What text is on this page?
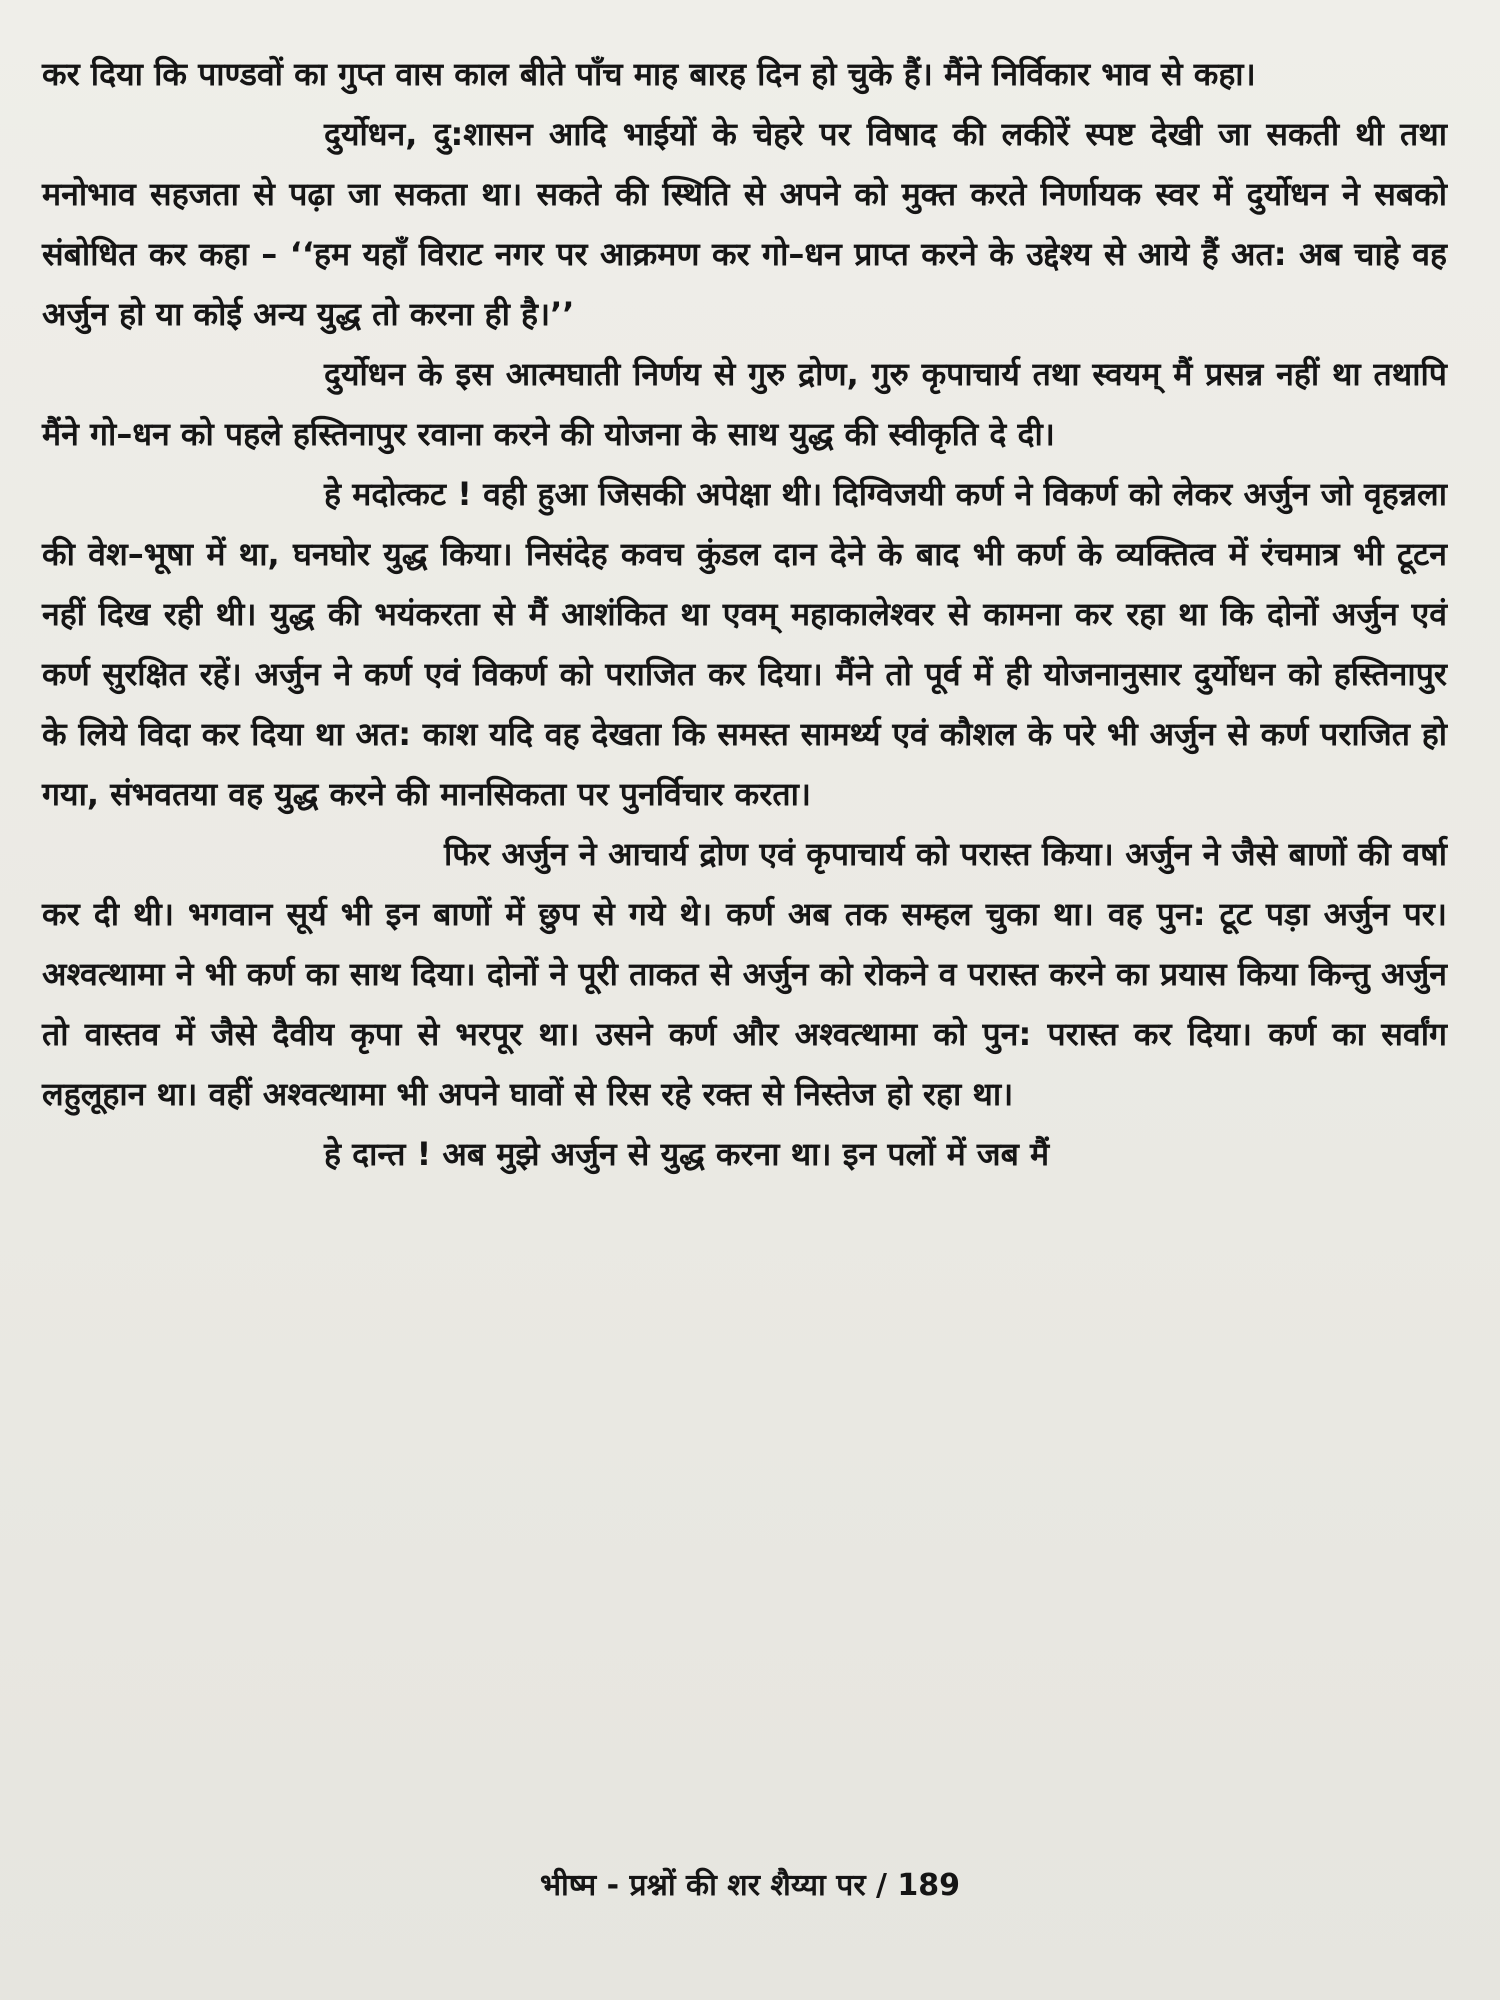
कर दिया कि पाण्डवों का गुप्त वास काल बीते पाँच माह बारह दिन हो चुके हैं। मैंने निर्विकार भाव से कहा।

दुर्योधन, दु:शासन आदि भाईयों के चेहरे पर विषाद की लकीरें स्पष्ट देखी जा सकती थी तथा मनोभाव सहजता से पढ़ा जा सकता था। सकते की स्थिति से अपने को मुक्त करते निर्णायक स्वर में दुर्योधन ने सबको संबोधित कर कहा – ‘‘हम यहाँ विराट नगर पर आक्रमण कर गो–धन प्राप्त करने के उद्देश्य से आये हैं अत: अब चाहे वह अर्जुन हो या कोई अन्य युद्ध तो करना ही है।’’

दुर्योधन के इस आत्मघाती निर्णय से गुरु द्रोण, गुरु कृपाचार्य तथा स्वयम् मैं प्रसन्न नहीं था तथापि मैंने गो–धन को पहले हस्तिनापुर रवाना करने की योजना के साथ युद्ध की स्वीकृति दे दी।

हे मदोत्कट ! वही हुआ जिसकी अपेक्षा थी। दिग्विजयी कर्ण ने विकर्ण को लेकर अर्जुन जो वृहन्नला की वेश–भूषा में था, घनघोर युद्ध किया। निसंदेह कवच कुंडल दान देने के बाद भी कर्ण के व्यक्तित्व में रंचमात्र भी टूटन नहीं दिख रही थी। युद्ध की भयंकरता से मैं आशंकित था एवम् महाकालेश्वर से कामना कर रहा था कि दोनों अर्जुन एवं कर्ण सुरक्षित रहें। अर्जुन ने कर्ण एवं विकर्ण को पराजित कर दिया। मैंने तो पूर्व में ही योजनानुसार दुर्योधन को हस्तिनापुर के लिये विदा कर दिया था अत: काश यदि वह देखता कि समस्त सामर्थ्य एवं कौशल के परे भी अर्जुन से कर्ण पराजित हो गया, संभवतया वह युद्ध करने की मानसिकता पर पुनर्विचार करता।

फिर अर्जुन ने आचार्य द्रोण एवं कृपाचार्य को परास्त किया। अर्जुन ने जैसे बाणों की वर्षा कर दी थी। भगवान सूर्य भी इन बाणों में छुप से गये थे। कर्ण अब तक सम्हल चुका था। वह पुन: टूट पड़ा अर्जुन पर। अश्वत्थामा ने भी कर्ण का साथ दिया। दोनों ने पूरी ताकत से अर्जुन को रोकने व परास्त करने का प्रयास किया किन्तु अर्जुन तो वास्तव में जैसे दैवीय कृपा से भरपूर था। उसने कर्ण और अश्वत्थामा को पुन: परास्त कर दिया। कर्ण का सर्वांग लहुलूहान था। वहीं अश्वत्थामा भी अपने घावों से रिस रहे रक्त से निस्तेज हो रहा था।

हे दान्त ! अब मुझे अर्जुन से युद्ध करना था। इन पलों में जब मैं

भीष्म - प्रश्नों की शर शैय्या पर / 189
